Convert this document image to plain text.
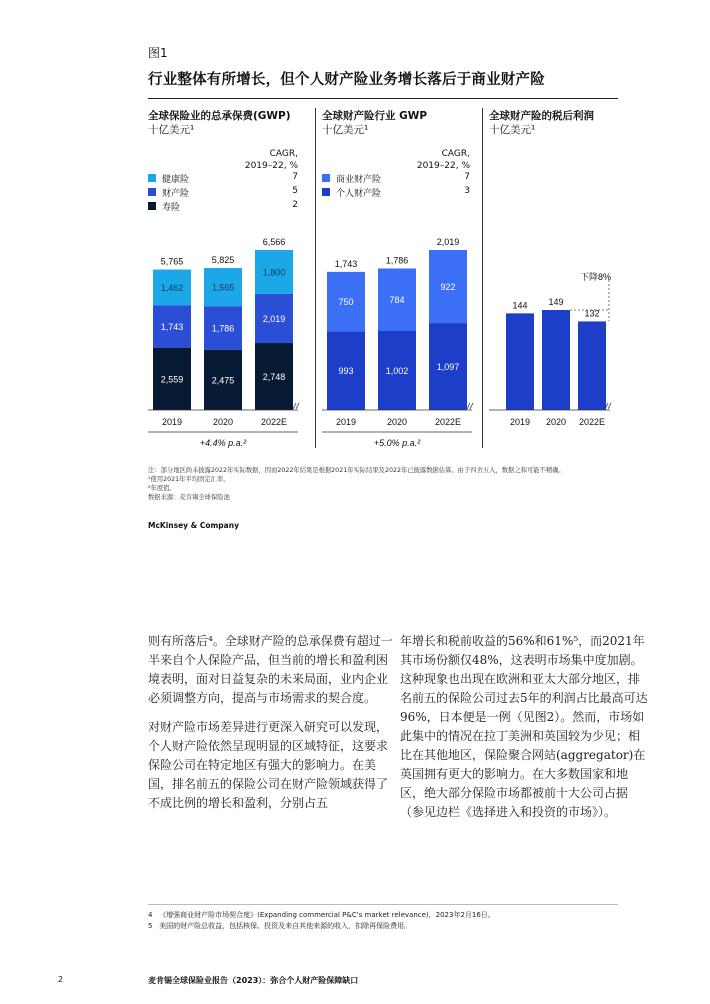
图1
行业整体有所增长，但个人财产险业务增长落后于商业财产险
全球保险业的总承保费(GWP)
十亿美元¹
CAGR,
2019–22, %
健康险	7
财产险	5
寿险	2
全球财产险行业 GWP
十亿美元¹
CAGR,
2019–22, %
商业财产险	7
个人财产险	3
全球财产险的税后利润
十亿美元¹
2,559
1,743
1,462
5,765
2019
2,475
1,786
1,565
5,825
2020
2,748
2,019
1,800
6,566
2022E
+4.4% p.a.²
993
750
1,743
2019
1,002
784
1,786
2020
1,097
922
2,019
2022E
+5.0% p.a.²
144
2019
149
2020
132
2022E
下降8%
注：部分地区尚未披露2022年实际数据，因而2022年结果是根据2021年实际结果及2022年已披露数据估算。由于四舍五入，数据之和可能不精确。
¹使用2021年平均固定汇率。
²年度值。
数据来源：麦肯锡全球保险池
McKinsey & Company

则有所落后⁴。全球财产险的总承保费有超过一半来自个人保险产品，但当前的增长和盈利困境表明，面对日益复杂的未来局面，业内企业必须调整方向，提高与市场需求的契合度。

对财产险市场差异进行更深入研究可以发现，个人财产险依然呈现明显的区域特征，这要求保险公司在特定地区有强大的影响力。在美国，排名前五的保险公司在财产险领域获得了不成比例的增长和盈利，分别占五

年增长和税前收益的56%和61%⁵，而2021年其市场份额仅48%，这表明市场集中度加剧。这种现象也出现在欧洲和亚太大部分地区，排名前五的保险公司过去5年的利润占比最高可达96%，日本便是一例（见图2）。然而，市场如此集中的情况在拉丁美洲和英国较为少见；相比在其他地区，保险聚合网站(aggregator)在英国拥有更大的影响力。在大多数国家和地区，绝大部分保险市场都被前十大公司占据（参见边栏《选择进入和投资的市场》）。

4 《增强商业财产险市场契合度》(Expanding commercial P&C's market relevance)，2023年2月16日。
5 美国的财产险总收益，包括核保、投资及来自其他来源的收入，扣除再保险费用。
2	麦肯锡全球保险业报告（2023）：弥合个人财产险保障缺口
